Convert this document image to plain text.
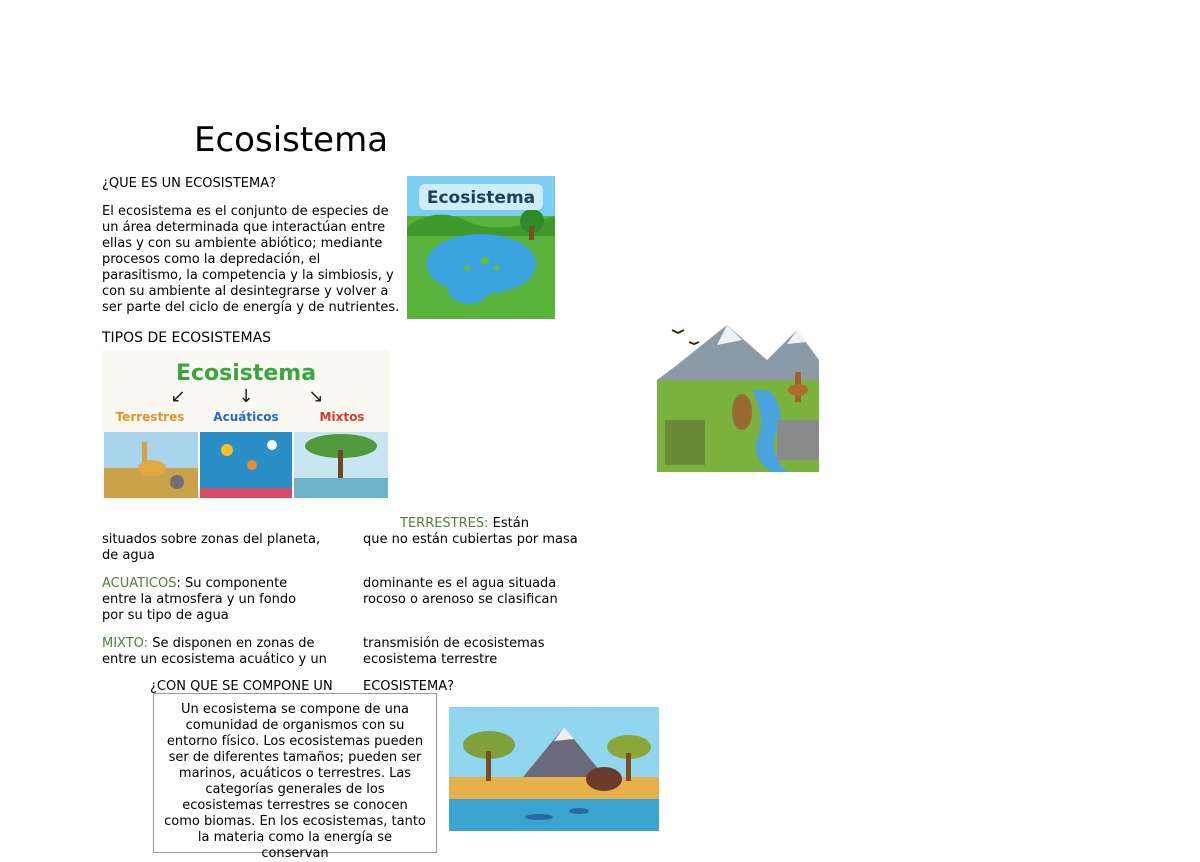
Ecosistema
¿QUE ES UN ECOSISTEMA?
El ecosistema es el conjunto de especies de un área determinada que interactúan entre ellas y con su ambiente abiótico; mediante procesos como la depredación, el parasitismo, la competencia y la simbiosis, y con su ambiente al desintegrarse y volver a ser parte del ciclo de energía y de nutrientes.
Ecosistema
TIPOS DE ECOSISTEMAS
Ecosistema
↙	↓	↘
Terrestres Acuáticos	Mixtos
TERRESTRES: Están
situados sobre zonas del planeta,
de agua
que no están cubiertas por masa
ACUATICOS: Su componente
entre la atmosfera y un fondo
por su tipo de agua
dominante es el agua situada
rocoso o arenoso se clasifican
MIXTO: Se disponen en zonas de
entre un ecosistema acuático y un
transmisión de ecosistemas
ecosistema terrestre
¿CON QUE SE COMPONE UN ECOSISTEMA?
Un ecosistema se compone de una comunidad de organismos con su entorno físico. Los ecosistemas pueden ser de diferentes tamaños; pueden ser marinos, acuáticos o terrestres. Las categorías generales de los ecosistemas terrestres se conocen como biomas. En los ecosistemas, tanto la materia como la energía se conservan
